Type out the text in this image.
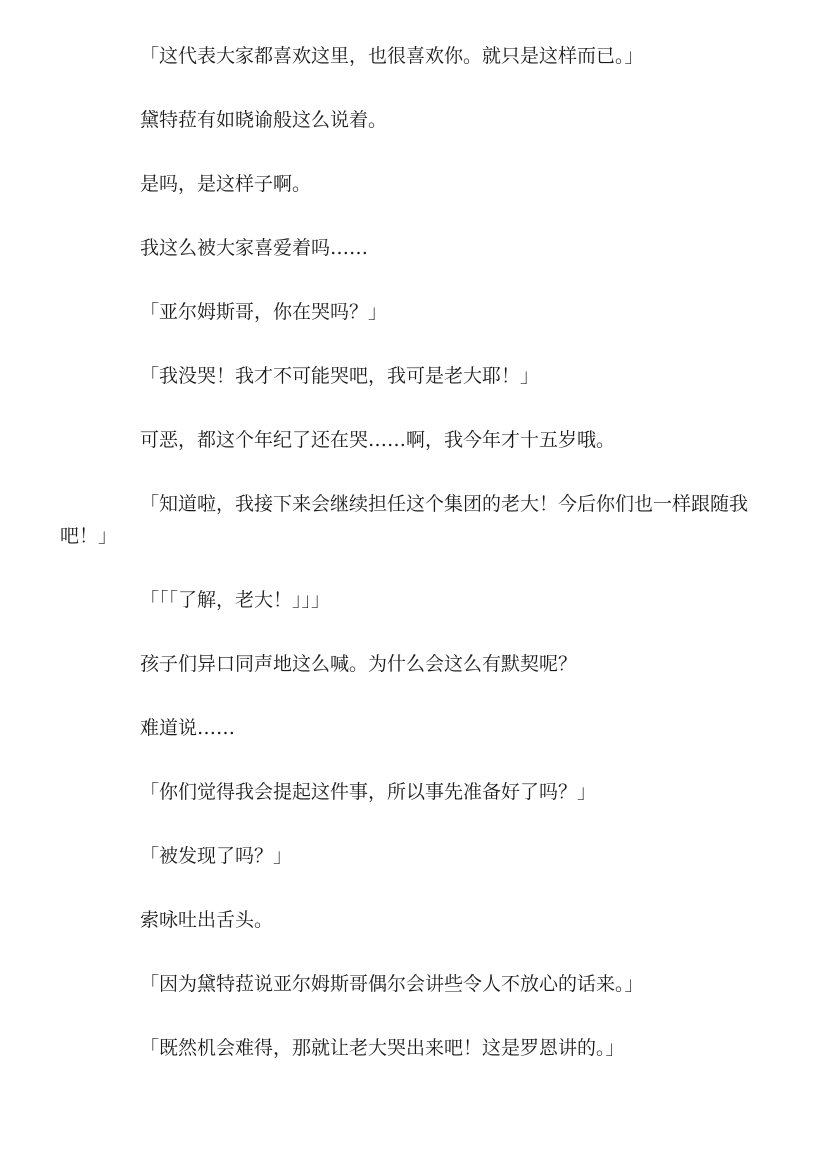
「这代表大家都喜欢这里，也很喜欢你。就只是这样而已。」

黛特菈有如晓谕般这么说着。

是吗，是这样子啊。

我这么被大家喜爱着吗……

「亚尔姆斯哥，你在哭吗？」

「我没哭！我才不可能哭吧，我可是老大耶！」

可恶，都这个年纪了还在哭……啊，我今年才十五岁哦。

「知道啦，我接下来会继续担任这个集团的老大！今后你们也一样跟随我吧！」

「「「了解，老大！」」」

孩子们异口同声地这么喊。为什么会这么有默契呢？

难道说……

「你们觉得我会提起这件事，所以事先准备好了吗？」

「被发现了吗？」

索咏吐出舌头。

「因为黛特菈说亚尔姆斯哥偶尔会讲些令人不放心的话来。」

「既然机会难得，那就让老大哭出来吧！这是罗恩讲的。」
